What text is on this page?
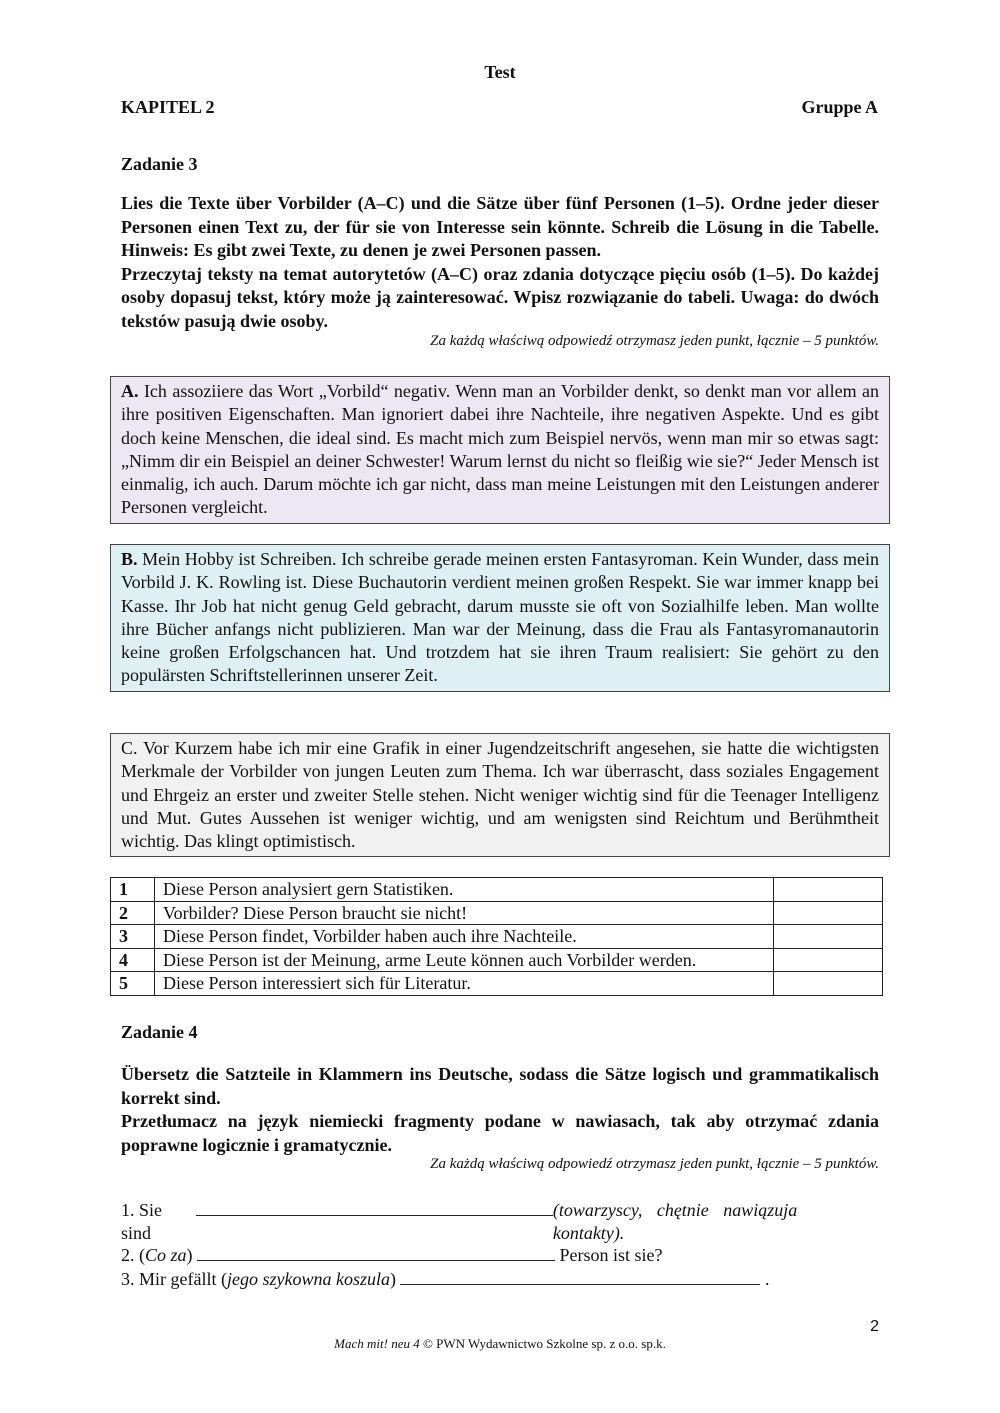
Test
KAPITEL 2	Gruppe A
Zadanie 3

Lies die Texte über Vorbilder (A–C) und die Sätze über fünf Personen (1–5). Ordne jeder dieser Personen einen Text zu, der für sie von Interesse sein könnte. Schreib die Lösung in die Tabelle. Hinweis: Es gibt zwei Texte, zu denen je zwei Personen passen.

Przeczytaj teksty na temat autorytetów (A–C) oraz zdania dotyczące pięciu osób (1–5). Do każdej osoby dopasuj tekst, który może ją zainteresować. Wpisz rozwiązanie do tabeli. Uwaga: do dwóch tekstów pasują dwie osoby.

Za każdą właściwą odpowiedź otrzymasz jeden punkt, łącznie – 5 punktów.
A. Ich assoziiere das Wort „Vorbild“ negativ. Wenn man an Vorbilder denkt, so denkt man vor allem an ihre positiven Eigenschaften. Man ignoriert dabei ihre Nachteile, ihre negativen Aspekte. Und es gibt doch keine Menschen, die ideal sind. Es macht mich zum Beispiel nervös, wenn man mir so etwas sagt: „Nimm dir ein Beispiel an deiner Schwester! Warum lernst du nicht so fleißig wie sie?“ Jeder Mensch ist einmalig, ich auch. Darum möchte ich gar nicht, dass man meine Leistungen mit den Leistungen anderer Personen vergleicht.
B. Mein Hobby ist Schreiben. Ich schreibe gerade meinen ersten Fantasyroman. Kein Wunder, dass mein Vorbild J. K. Rowling ist. Diese Buchautorin verdient meinen großen Respekt. Sie war immer knapp bei Kasse. Ihr Job hat nicht genug Geld gebracht, darum musste sie oft von Sozialhilfe leben. Man wollte ihre Bücher anfangs nicht publizieren. Man war der Meinung, dass die Frau als Fantasyromanautorin keine großen Erfolgschancen hat. Und trotzdem hat sie ihren Traum realisiert: Sie gehört zu den populärsten Schriftstellerinnen unserer Zeit.
C. Vor Kurzem habe ich mir eine Grafik in einer Jugendzeitschrift angesehen, sie hatte die wichtigsten Merkmale der Vorbilder von jungen Leuten zum Thema. Ich war überrascht, dass soziales Engagement und Ehrgeiz an erster und zweiter Stelle stehen. Nicht weniger wichtig sind für die Teenager Intelligenz und Mut. Gutes Aussehen ist weniger wichtig, und am wenigsten sind Reichtum und Berühmtheit wichtig. Das klingt optimistisch.
1	Diese Person analysiert gern Statistiken.	
2	Vorbilder? Diese Person braucht sie nicht!	
3	Diese Person findet, Vorbilder haben auch ihre Nachteile.	
4	Diese Person ist der Meinung, arme Leute können auch Vorbilder werden.	
5	Diese Person interessiert sich für Literatur.	
Zadanie 4

Übersetz die Satzteile in Klammern ins Deutsche, sodass die Sätze logisch und grammatikalisch korrekt sind.

Przetłumacz na język niemiecki fragmenty podane w nawiasach, tak aby otrzymać zdania poprawne logicznie i gramatycznie.

Za każdą właściwą odpowiedź otrzymasz jeden punkt, łącznie – 5 punktów.
1. Sie sind
(towarzyscy, chętnie nawiązuja kontakty).
2. (Co za)	Person ist sie?
3. Mir gefällt (jego szykowna koszula)	.
2
Mach mit! neu 4 © PWN Wydawnictwo Szkolne sp. z o.o. sp.k.
